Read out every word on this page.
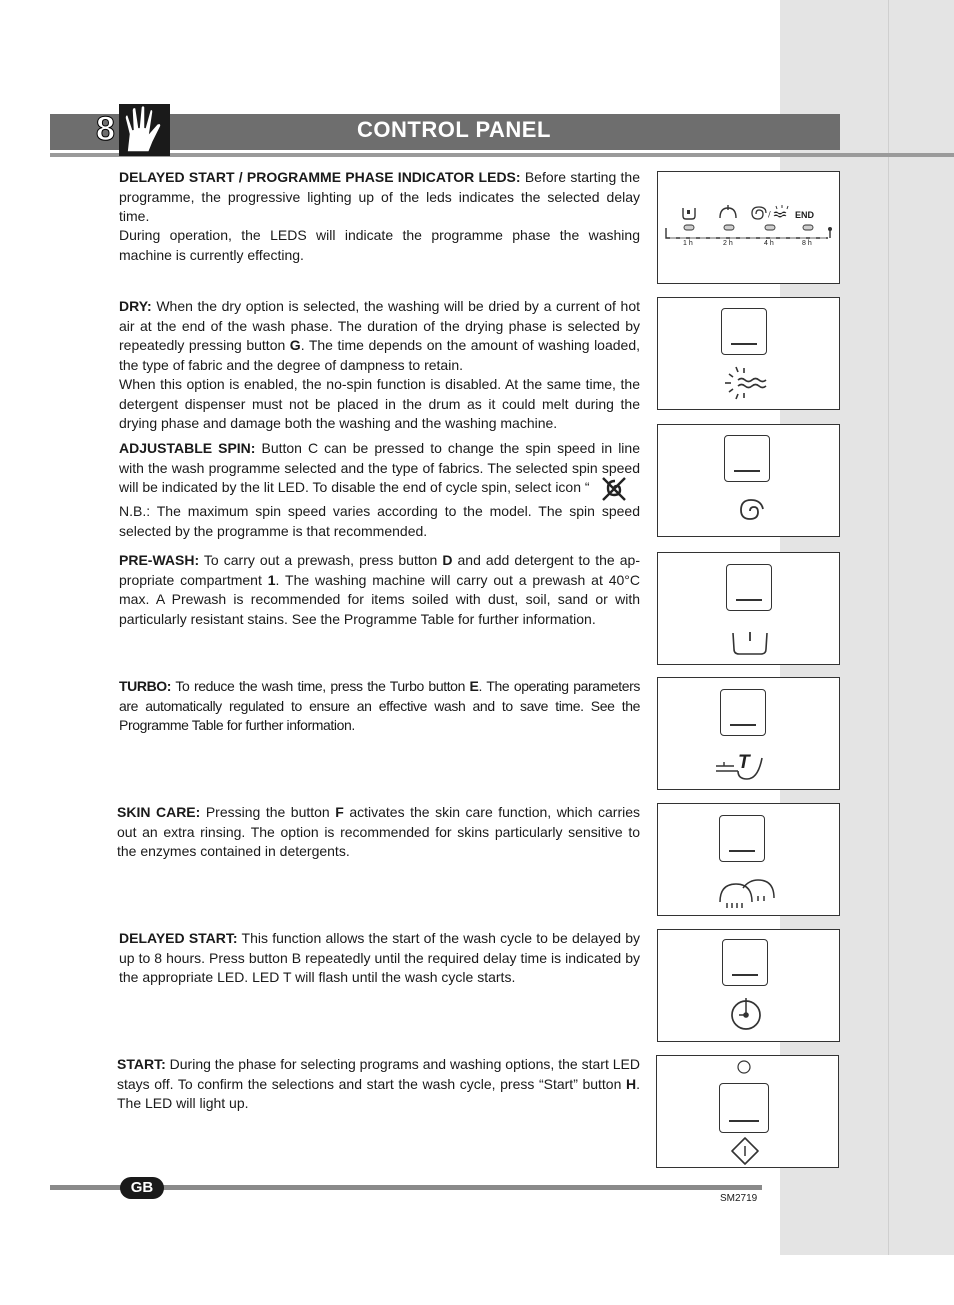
8	CONTROL PANEL

DELAYED START / PROGRAMME PHASE INDICATOR LEDS: Before starting the programme, the progressive lighting up of the leds indicates the selected delay time.

During operation, the LEDS will indicate the programme phase the washing machine is currently effecting.

/	END
1 h	2 h	4 h	8 h

DRY: When the dry option is selected, the washing will be dried by a current of hot air at the end of the wash phase. The duration of the drying phase is selected by repeatedly pressing button G. The time depends on the amount of washing loaded, the type of fabric and the degree of dampness to retain.
When this option is enabled, the no-spin function is disabled. At the same time, the detergent dispenser must not be placed in the drum as it could melt during the drying phase and damage both the washing and the washing machine.

ADJUSTABLE SPIN: Button C can be pressed to change the spin speed in line with the wash programme selected and the type of fabrics. The selected spin speed will be indicated by the lit LED. To disable the end of cycle spin, select icon “

N.B.: The maximum spin speed varies according to the model. The spin speed selected by the programme is that recommended.

PRE-WASH: To carry out a prewash, press button D and add detergent to the ap-propriate compartment 1. The washing machine will carry out a prewash at 40°C max. A Prewash is recommended for items soiled with dust, soil, sand or with particularly resistant stains. See the Programme Table for further information.

TURBO: To reduce the wash time, press the Turbo button E. The operating parameters are automatically regulated to ensure an effective wash and to save time. See the Programme Table for further information.

T

SKIN CARE: Pressing the button F activates the skin care function, which carries out an extra rinsing. The option is recommended for skins particularly sensitive to the enzymes contained in detergents.

DELAYED START: This function allows the start of the wash cycle to be delayed by up to 8 hours. Press button B repeatedly until the required delay time is indicated by the appropriate LED. LED T will flash until the wash cycle starts.

START: During the phase for selecting programs and washing options, the start LED stays off. To confirm the selections and start the wash cycle, press “Start” button H. The LED will light up.

GB
SM2719
